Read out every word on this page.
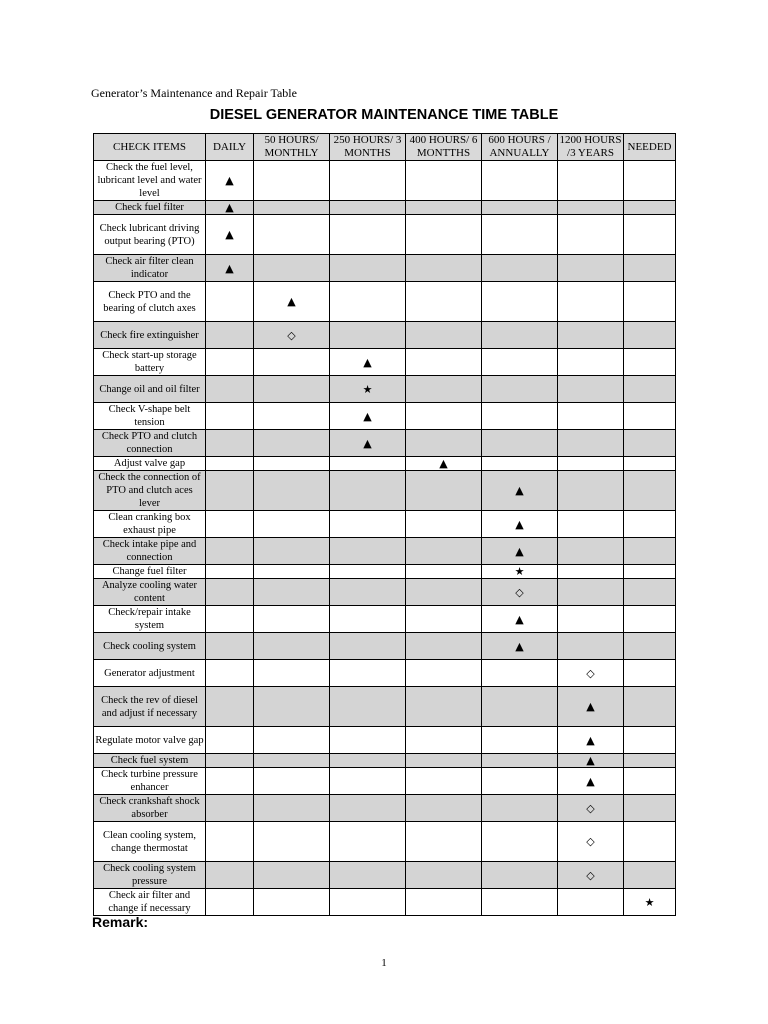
Generator’s Maintenance and Repair Table
DIESEL GENERATOR MAINTENANCE TIME TABLE
CHECK ITEMS	DAILY	50 HOURS/ MONTHLY	250 HOURS/ 3 MONTHS	400 HOURS/ 6 MONTTHS	600 HOURS / ANNUALLY	1200 HOURS /3 YEARS	NEEDED
Check the fuel level, lubricant level and water level	▲						
Check fuel filter	▲						
Check lubricant driving output bearing (PTO)	▲						
Check air filter clean indicator	▲						
Check PTO and the bearing of clutch axes		▲					
Check fire extinguisher		◇					
Check start-up storage battery			▲				
Change oil and oil filter			★				
Check V-shape belt tension			▲				
Check PTO and clutch connection			▲				
Adjust valve gap				▲			
Check the connection of PTO and clutch aces lever					▲		
Clean cranking box exhaust pipe					▲		
Check intake pipe and connection					▲		
Change fuel filter					★		
Analyze cooling water content					◇		
Check/repair intake system					▲		
Check cooling system					▲		
Generator adjustment						◇	
Check the rev of diesel and adjust if necessary						▲	
Regulate motor valve gap						▲	
Check fuel system						▲	
Check turbine pressure enhancer						▲	
Check crankshaft shock absorber						◇	
Clean cooling system, change thermostat						◇	
Check cooling system pressure						◇	
Check air filter and change if necessary							★
Remark:
1
